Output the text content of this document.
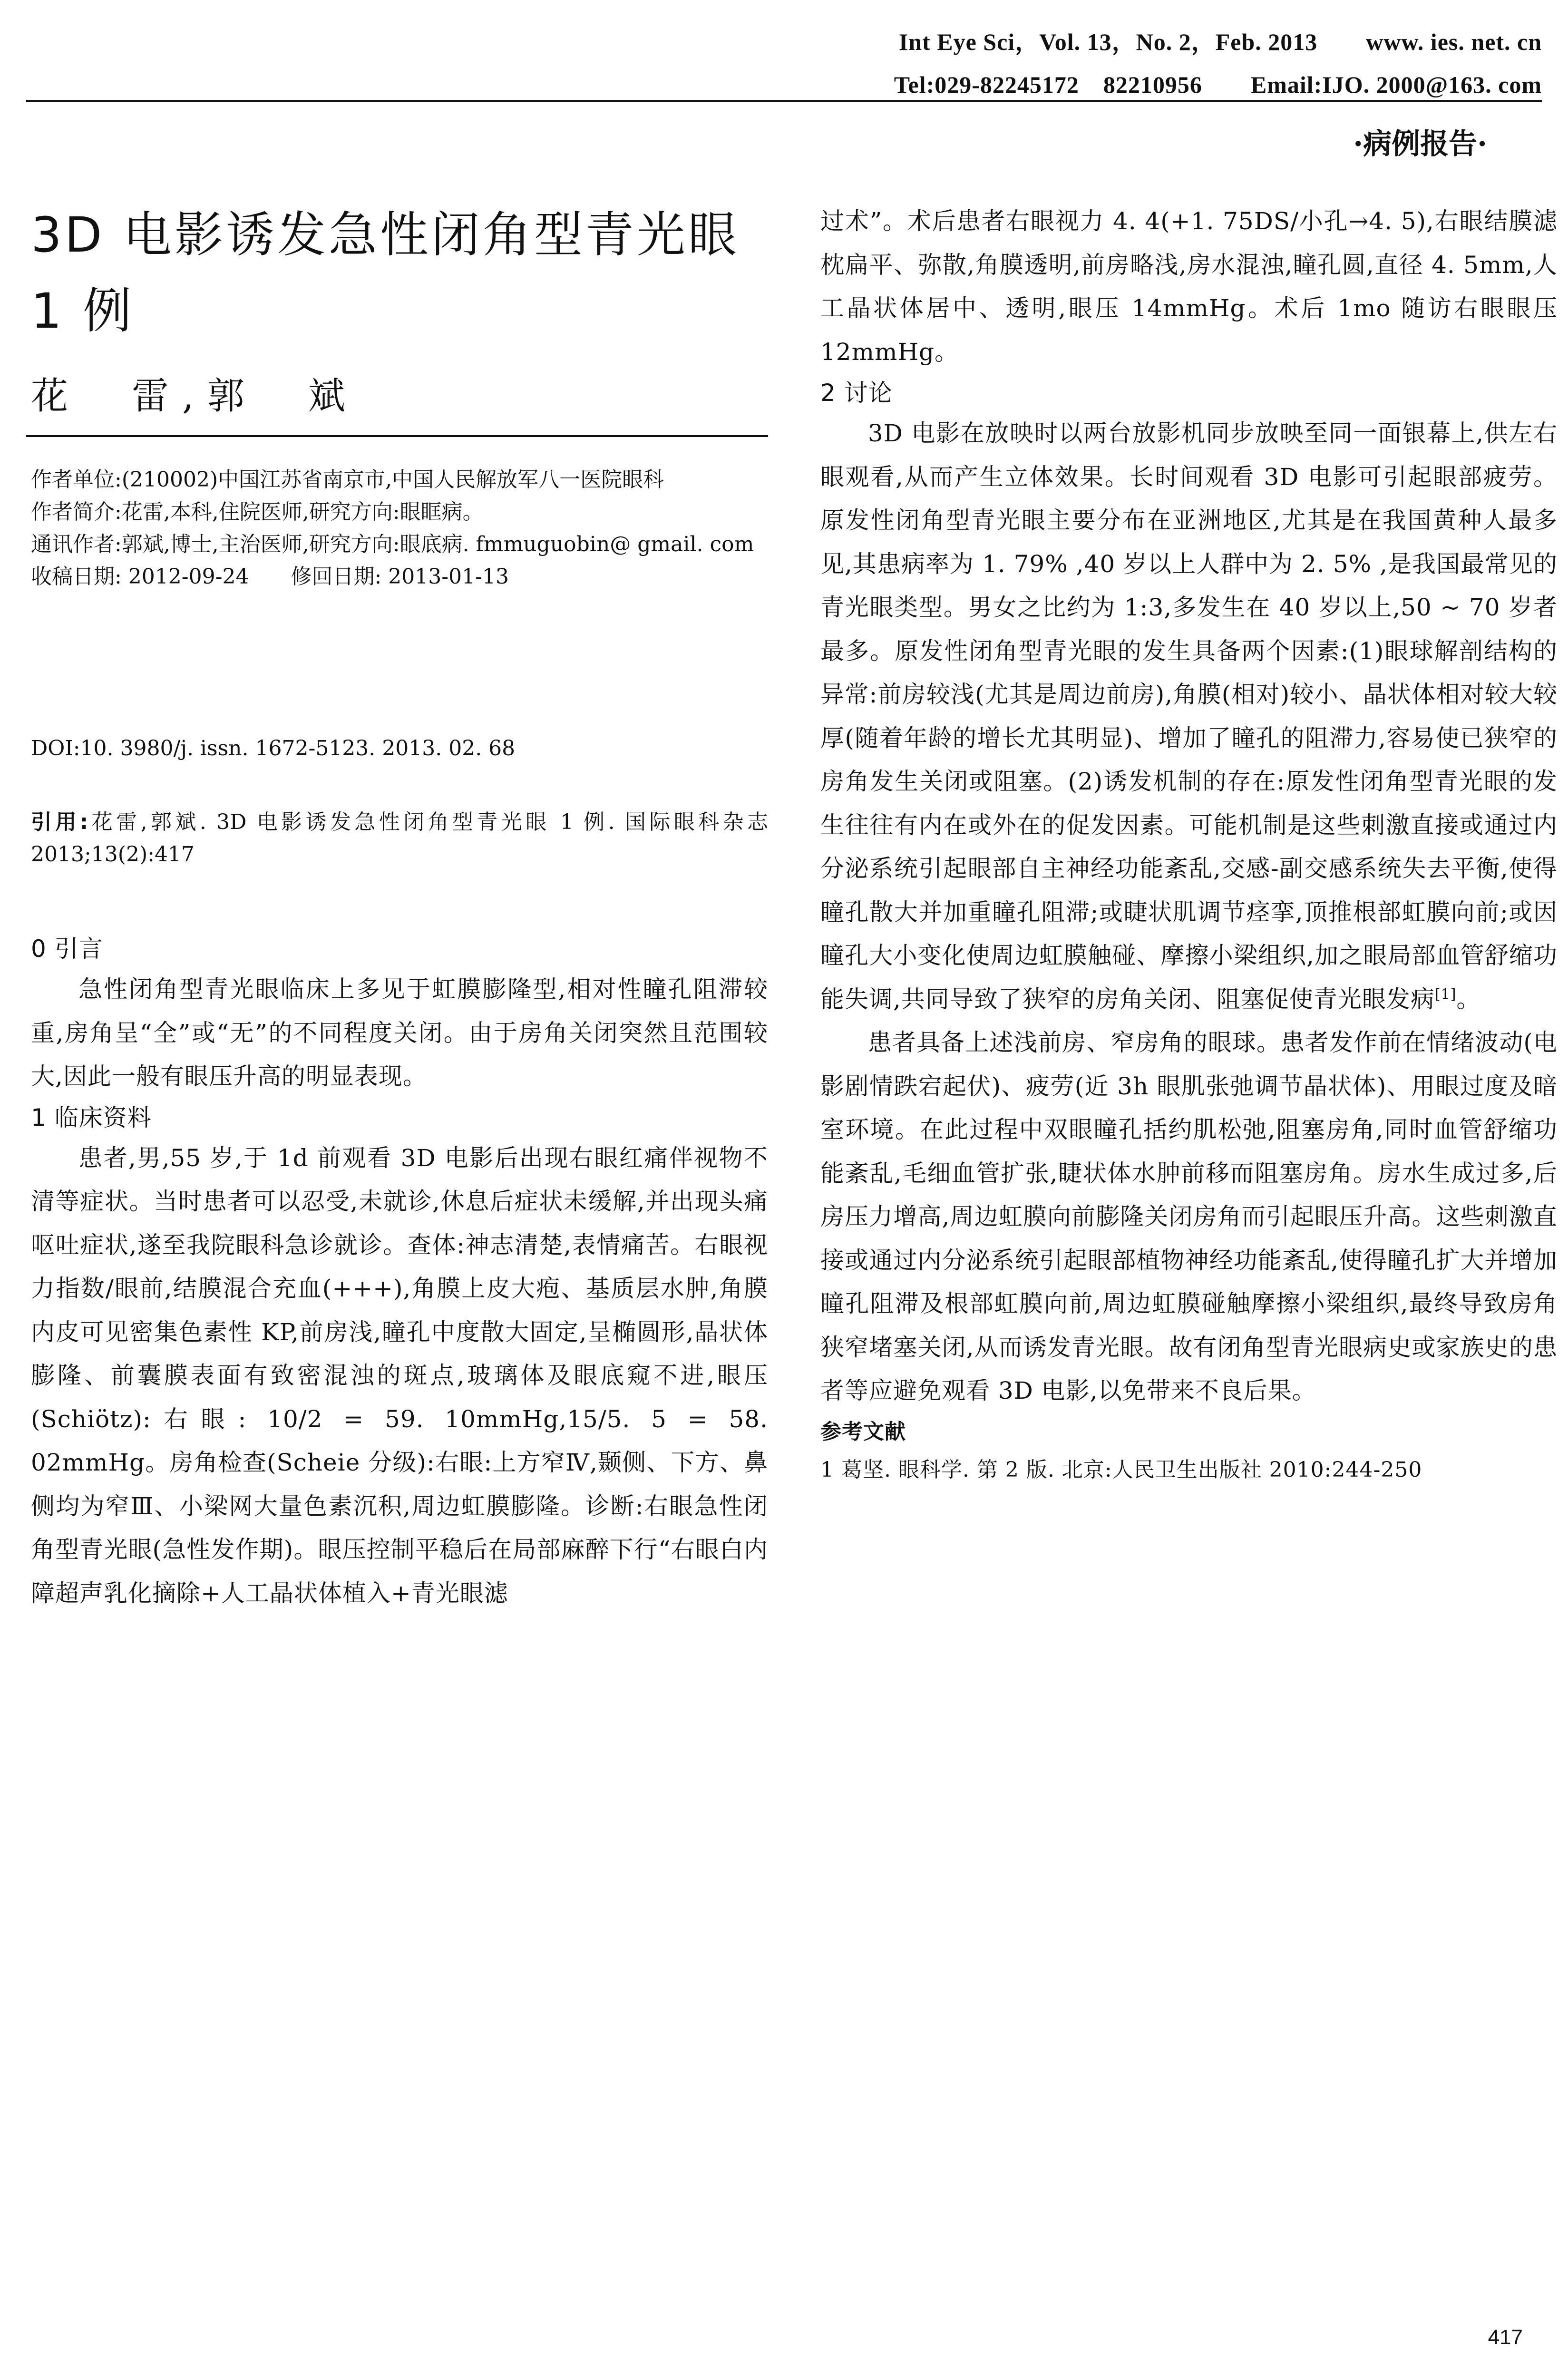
Int Eye Sci，Vol. 13，No. 2，Feb. 2013　　www. ies. net. cn
Tel:029-82245172　82210956　　Email:IJO. 2000@163. com
·病例报告·
3D 电影诱发急性闭角型青光眼 1 例
花　雷,郭　斌

作者单位:(210002)中国江苏省南京市,中国人民解放军八一医院眼科

作者简介:花雷,本科,住院医师,研究方向:眼眶病。

通讯作者:郭斌,博士,主治医师,研究方向:眼底病. fmmuguobin@ gmail. com

收稿日期: 2012-09-24　　修回日期: 2013-01-13

DOI:10. 3980/j. issn. 1672-5123. 2013. 02. 68
引用:花雷,郭斌. 3D 电影诱发急性闭角型青光眼 1 例. 国际眼科杂志 2013;13(2):417
0 引言

急性闭角型青光眼临床上多见于虹膜膨隆型,相对性瞳孔阻滞较重,房角呈“全”或“无”的不同程度关闭。由于房角关闭突然且范围较大,因此一般有眼压升高的明显表现。

1 临床资料

患者,男,55 岁,于 1d 前观看 3D 电影后出现右眼红痛伴视物不清等症状。当时患者可以忍受,未就诊,休息后症状未缓解,并出现头痛呕吐症状,遂至我院眼科急诊就诊。查体:神志清楚,表情痛苦。右眼视力指数/眼前,结膜混合充血(+++),角膜上皮大疱、基质层水肿,角膜内皮可见密集色素性 KP,前房浅,瞳孔中度散大固定,呈椭圆形,晶状体膨隆、前囊膜表面有致密混浊的斑点,玻璃体及眼底窥不进,眼压(Schiötz):右眼: 10/2 = 59. 10mmHg,15/5. 5 = 58. 02mmHg。房角检查(Scheie 分级):右眼:上方窄Ⅳ,颞侧、下方、鼻侧均为窄Ⅲ、小梁网大量色素沉积,周边虹膜膨隆。诊断:右眼急性闭角型青光眼(急性发作期)。眼压控制平稳后在局部麻醉下行“右眼白内障超声乳化摘除+人工晶状体植入+青光眼滤

过术”。术后患者右眼视力 4. 4(+1. 75DS/小孔→4. 5),右眼结膜滤枕扁平、弥散,角膜透明,前房略浅,房水混浊,瞳孔圆,直径 4. 5mm,人工晶状体居中、透明,眼压 14mmHg。术后 1mo 随访右眼眼压 12mmHg。

2 讨论

3D 电影在放映时以两台放影机同步放映至同一面银幕上,供左右眼观看,从而产生立体效果。长时间观看 3D 电影可引起眼部疲劳。原发性闭角型青光眼主要分布在亚洲地区,尤其是在我国黄种人最多见,其患病率为 1. 79% ,40 岁以上人群中为 2. 5% ,是我国最常见的青光眼类型。男女之比约为 1:3,多发生在 40 岁以上,50 ~ 70 岁者最多。原发性闭角型青光眼的发生具备两个因素:(1)眼球解剖结构的异常:前房较浅(尤其是周边前房),角膜(相对)较小、晶状体相对较大较厚(随着年龄的增长尤其明显)、增加了瞳孔的阻滞力,容易使已狭窄的房角发生关闭或阻塞。(2)诱发机制的存在:原发性闭角型青光眼的发生往往有内在或外在的促发因素。可能机制是这些刺激直接或通过内分泌系统引起眼部自主神经功能紊乱,交感-副交感系统失去平衡,使得瞳孔散大并加重瞳孔阻滞;或睫状肌调节痉挛,顶推根部虹膜向前;或因瞳孔大小变化使周边虹膜触碰、摩擦小梁组织,加之眼局部血管舒缩功能失调,共同导致了狭窄的房角关闭、阻塞促使青光眼发病[1]。

患者具备上述浅前房、窄房角的眼球。患者发作前在情绪波动(电影剧情跌宕起伏)、疲劳(近 3h 眼肌张弛调节晶状体)、用眼过度及暗室环境。在此过程中双眼瞳孔括约肌松弛,阻塞房角,同时血管舒缩功能紊乱,毛细血管扩张,睫状体水肿前移而阻塞房角。房水生成过多,后房压力增高,周边虹膜向前膨隆关闭房角而引起眼压升高。这些刺激直接或通过内分泌系统引起眼部植物神经功能紊乱,使得瞳孔扩大并增加瞳孔阻滞及根部虹膜向前,周边虹膜碰触摩擦小梁组织,最终导致房角狭窄堵塞关闭,从而诱发青光眼。故有闭角型青光眼病史或家族史的患者等应避免观看 3D 电影,以免带来不良后果。

参考文献

1 葛坚. 眼科学. 第 2 版. 北京:人民卫生出版社 2010:244-250

417
